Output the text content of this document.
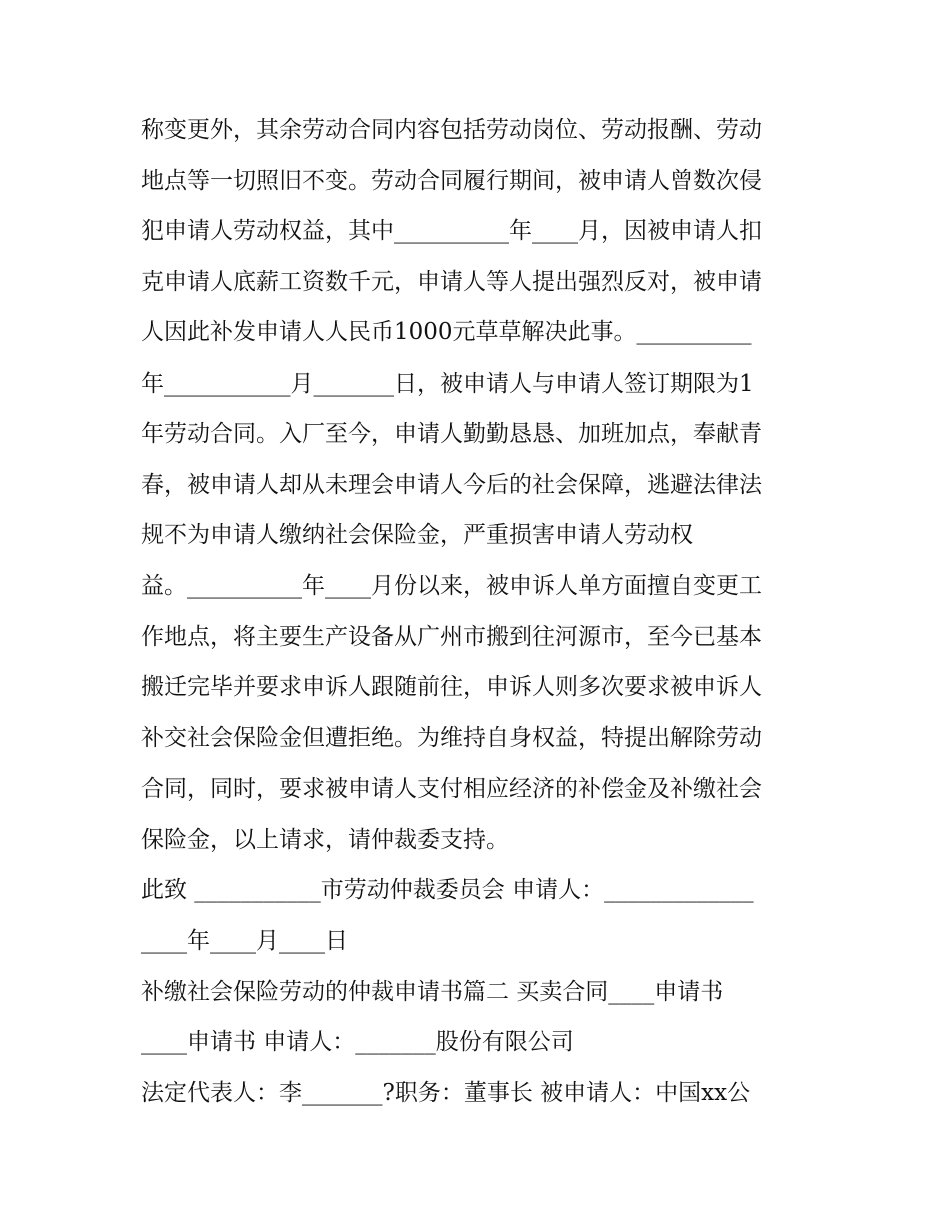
称变更外，其余劳动合同内容包括劳动岗位、劳动报酬、劳动
地点等一切照旧不变。劳动合同履行期间，被申请人曾数次侵
犯申请人劳动权益，其中__________年____月，因被申请人扣
克申请人底薪工资数千元，申请人等人提出强烈反对，被申请
人因此补发申请人人民币1000元草草解决此事。__________
年___________月_______日，被申请人与申请人签订期限为1
年劳动合同。入厂至今，申请人勤勤恳恳、加班加点，奉献青
春，被申请人却从未理会申请人今后的社会保障，逃避法律法
规不为申请人缴纳社会保险金，严重损害申请人劳动权
益。__________年____月份以来，被申诉人单方面擅自变更工
作地点，将主要生产设备从广州市搬到往河源市，至今已基本
搬迁完毕并要求申诉人跟随前往，申诉人则多次要求被申诉人
补交社会保险金但遭拒绝。为维持自身权益，特提出解除劳动
合同，同时，要求被申请人支付相应经济的补偿金及补缴社会
保险金，以上请求，请仲裁委支持。
此致 ___________市劳动仲裁委员会 申请人：_____________
____年____月____日
补缴社会保险劳动的仲裁申请书篇二 买卖合同____申请书
____申请书 申请人：_______股份有限公司
法定代表人：李_______?职务：董事长 被申请人：中国xx公
